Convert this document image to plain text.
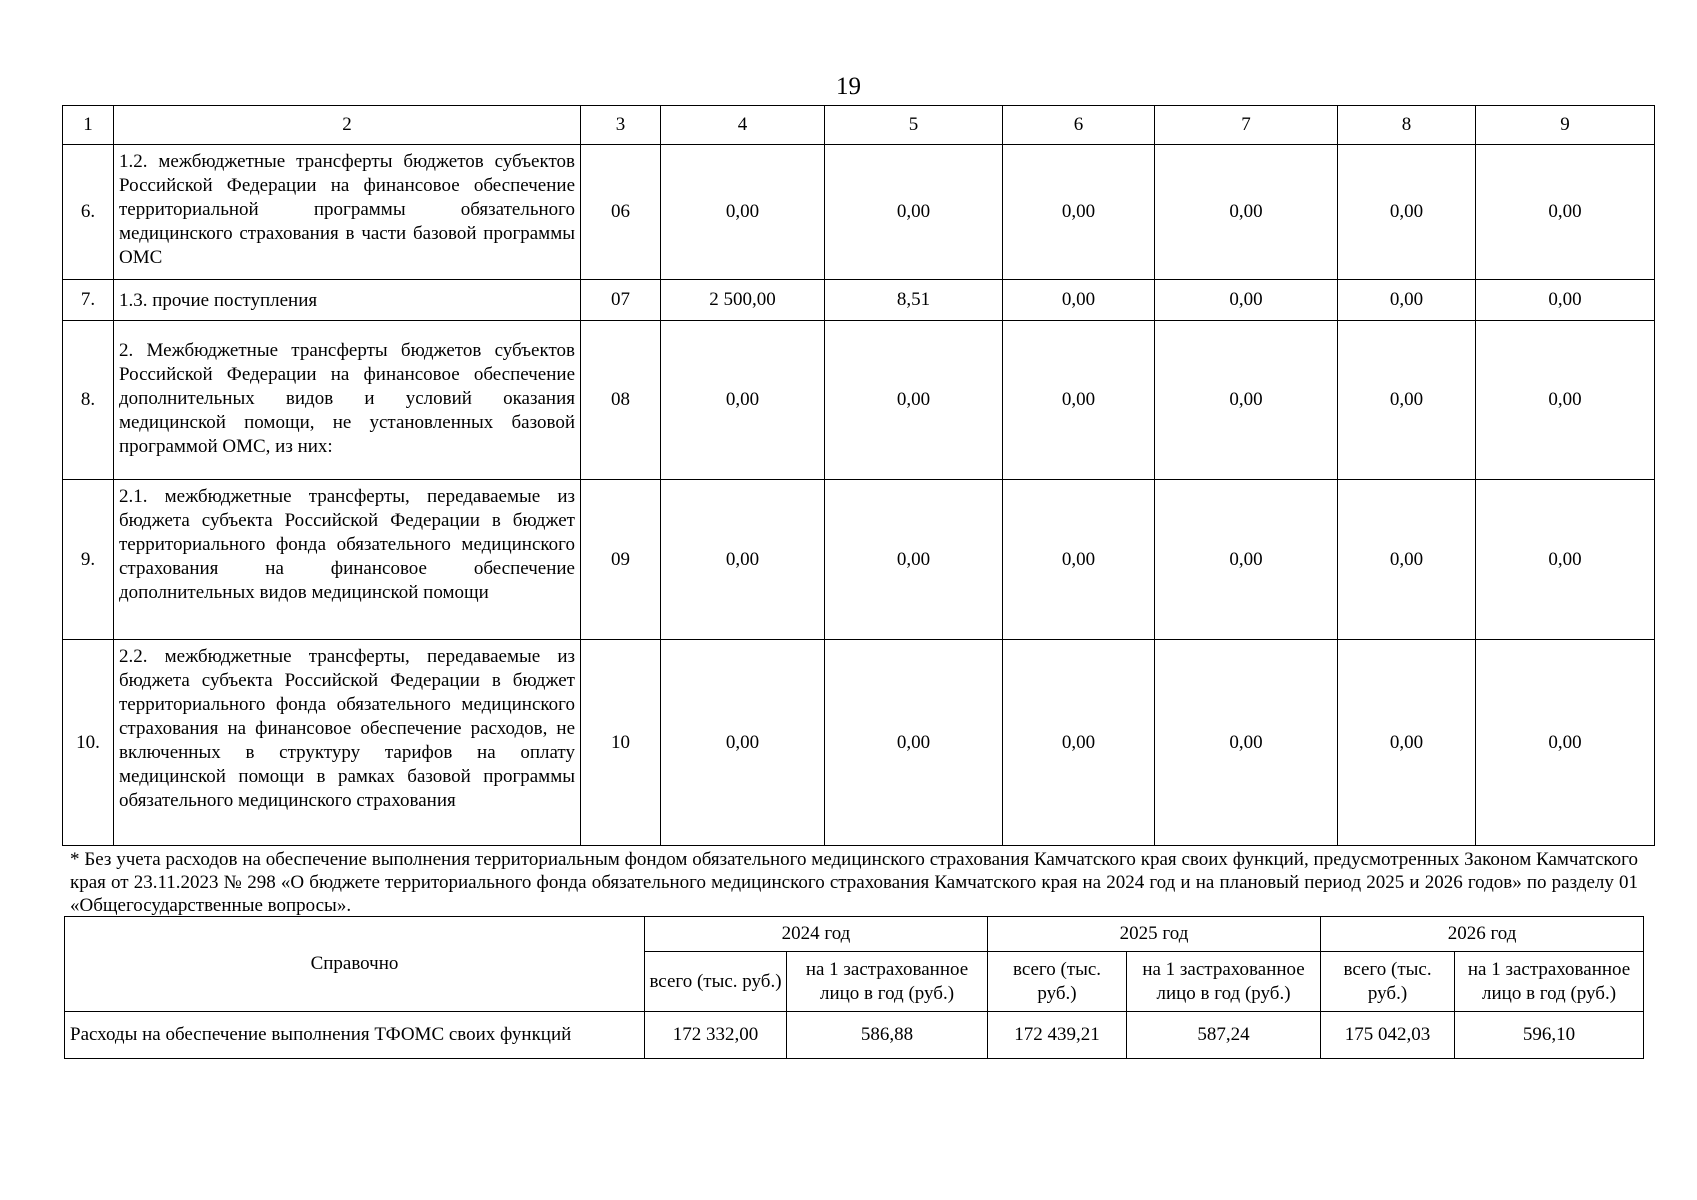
19
1	2	3	4	5	6	7	8	9
6.	1.2. межбюджетные трансферты бюджетов субъектов Российской Федерации на финансовое обеспечение территориальной программы обязательного медицинского страхования в части базовой программы ОМС	06	0,00	0,00	0,00	0,00	0,00	0,00
7.	1.3. прочие поступления	07	2 500,00	8,51	0,00	0,00	0,00	0,00
8.	2. Межбюджетные трансферты бюджетов субъектов Российской Федерации на финансовое обеспечение дополнительных видов и условий оказания медицинской помощи, не установленных базовой программой ОМС, из них:	08	0,00	0,00	0,00	0,00	0,00	0,00
9.	2.1. межбюджетные трансферты, передаваемые из бюджета субъекта Российской Федерации в бюджет территориального фонда обязательного медицинского страхования на финансовое обеспечение дополнительных видов медицинской помощи	09	0,00	0,00	0,00	0,00	0,00	0,00
10.	2.2. межбюджетные трансферты, передаваемые из бюджета субъекта Российской Федерации в бюджет территориального фонда обязательного медицинского страхования на финансовое обеспечение расходов, не включенных в структуру тарифов на оплату медицинской помощи в рамках базовой программы обязательного медицинского страхования	10	0,00	0,00	0,00	0,00	0,00	0,00
* Без учета расходов на обеспечение выполнения территориальным фондом обязательного медицинского страхования Камчатского края своих функций, предусмотренных Законом Камчатского края от 23.11.2023 № 298 «О бюджете территориального фонда обязательного медицинского страхования Камчатского края на 2024 год и на плановый период 2025 и 2026 годов» по разделу 01 «Общегосударственные вопросы».
Справочно	2024 год		2025 год		2026 год	
	всего (тыс. руб.)	на 1 застрахованное лицо в год (руб.)	всего (тыс. руб.)	на 1 застрахованное лицо в год (руб.)	всего (тыс. руб.)	на 1 застрахованное лицо в год (руб.)
Расходы на обеспечение выполнения ТФОМС своих функций	172 332,00	586,88	172 439,21	587,24	175 042,03	596,10
